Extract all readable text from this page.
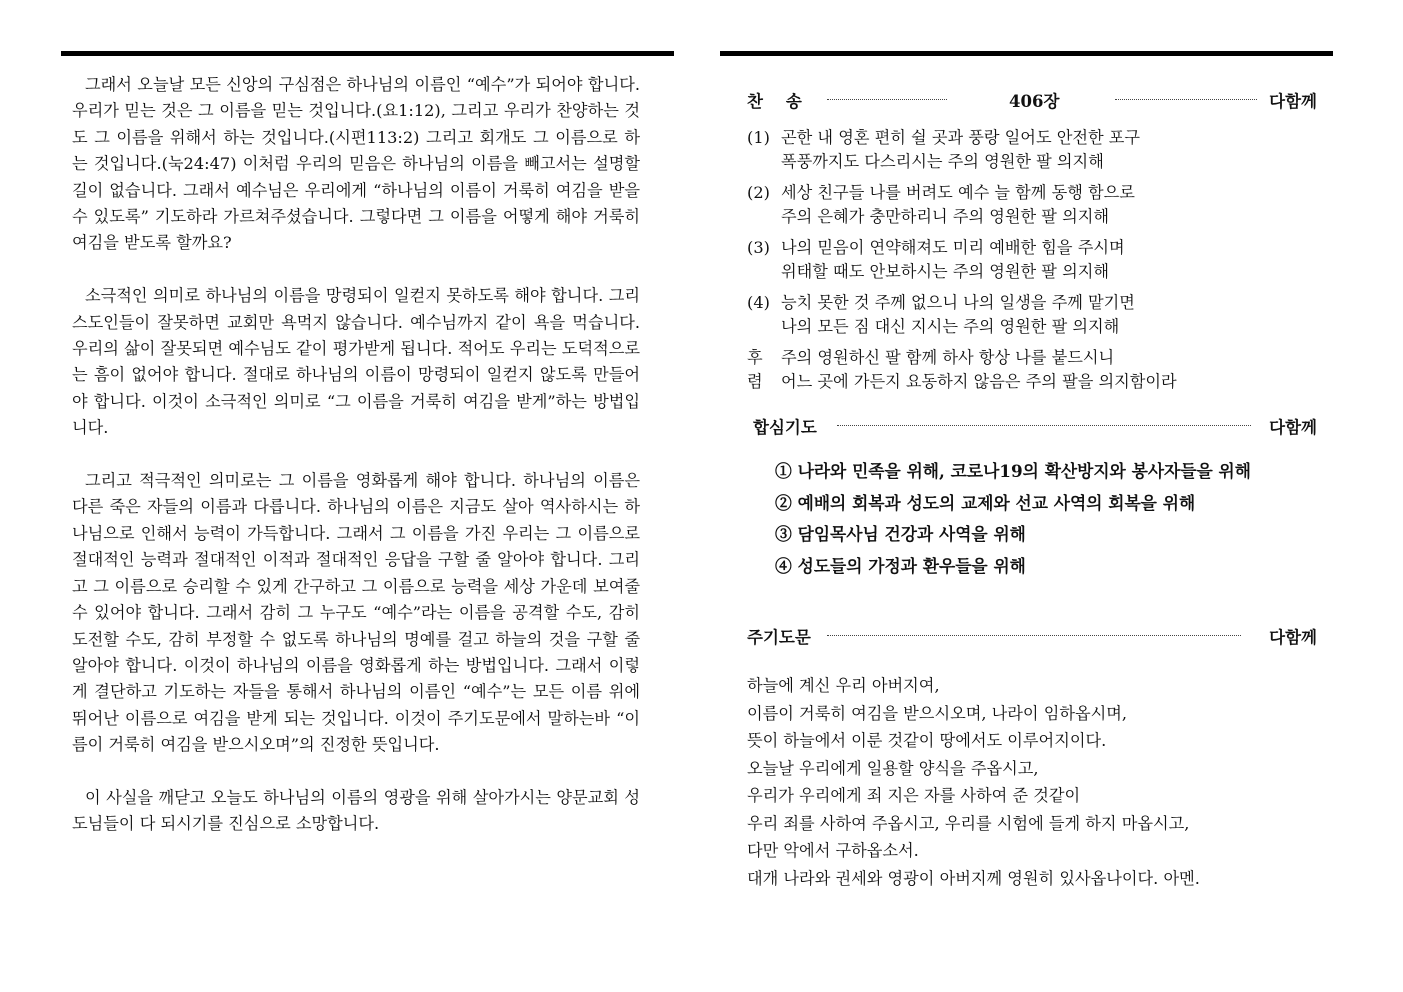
그래서 오늘날 모든 신앙의 구심점은 하나님의 이름인 “예수”가 되어야 합니다. 우리가 믿는 것은 그 이름을 믿는 것입니다.(요1:12), 그리고 우리가 찬양하는 것도 그 이름을 위해서 하는 것입니다.(시편113:2) 그리고 회개도 그 이름으로 하는 것입니다.(눅24:47) 이처럼 우리의 믿음은 하나님의 이름을 빼고서는 설명할 길이 없습니다. 그래서 예수님은 우리에게 “하나님의 이름이 거룩히 여김을 받을 수 있도록” 기도하라 가르쳐주셨습니다. 그렇다면 그 이름을 어떻게 해야 거룩히 여김을 받도록 할까요?

소극적인 의미로 하나님의 이름을 망령되이 일컫지 못하도록 해야 합니다. 그리스도인들이 잘못하면 교회만 욕먹지 않습니다. 예수님까지 같이 욕을 먹습니다. 우리의 삶이 잘못되면 예수님도 같이 평가받게 됩니다. 적어도 우리는 도덕적으로는 흠이 없어야 합니다. 절대로 하나님의 이름이 망령되이 일컫지 않도록 만들어야 합니다. 이것이 소극적인 의미로 “그 이름을 거룩히 여김을 받게”하는 방법입니다.

그리고 적극적인 의미로는 그 이름을 영화롭게 해야 합니다. 하나님의 이름은 다른 죽은 자들의 이름과 다릅니다. 하나님의 이름은 지금도 살아 역사하시는 하나님으로 인해서 능력이 가득합니다. 그래서 그 이름을 가진 우리는 그 이름으로 절대적인 능력과 절대적인 이적과 절대적인 응답을 구할 줄 알아야 합니다. 그리고 그 이름으로 승리할 수 있게 간구하고 그 이름으로 능력을 세상 가운데 보여줄 수 있어야 합니다. 그래서 감히 그 누구도 “예수”라는 이름을 공격할 수도, 감히 도전할 수도, 감히 부정할 수 없도록 하나님의 명예를 걸고 하늘의 것을 구할 줄 알아야 합니다. 이것이 하나님의 이름을 영화롭게 하는 방법입니다. 그래서 이렇게 결단하고 기도하는 자들을 통해서 하나님의 이름인 “예수”는 모든 이름 위에 뛰어난 이름으로 여김을 받게 되는 것입니다. 이것이 주기도문에서 말하는바 “이름이 거룩히 여김을 받으시오며”의 진정한 뜻입니다.

이 사실을 깨닫고 오늘도 하나님의 이름의 영광을 위해 살아가시는 양문교회 성도님들이 다 되시기를 진심으로 소망합니다.

찬    송	406장	다함께
(1) 곤한 내 영혼 편히 쉴 곳과 풍랑 일어도 안전한 포구
폭풍까지도 다스리시는 주의 영원한 팔 의지해
(2) 세상 친구들 나를 버려도 예수 늘 함께 동행 함으로
주의 은혜가 충만하리니 주의 영원한 팔 의지해
(3) 나의 믿음이 연약해져도 미리 예배한 힘을 주시며
위태할 때도 안보하시는 주의 영원한 팔 의지해
(4) 능치 못한 것 주께 없으니 나의 일생을 주께 맡기면
나의 모든 짐 대신 지시는 주의 영원한 팔 의지해
후 주의 영원하신 팔 함께 하사 항상 나를 붙드시니
렴 어느 곳에 가든지 요동하지 않음은 주의 팔을 의지함이라
합심기도	다함께
① 나라와 민족을 위해, 코로나19의 확산방지와 봉사자들을 위해
② 예배의 회복과 성도의 교제와 선교 사역의 회복을 위해
③ 담임목사님 건강과 사역을 위해
④ 성도들의 가정과 환우들을 위해
주기도문	다함께
하늘에 계신 우리 아버지여,
이름이 거룩히 여김을 받으시오며, 나라이 임하옵시며,
뜻이 하늘에서 이룬 것같이 땅에서도 이루어지이다.
오늘날 우리에게 일용할 양식을 주옵시고,
우리가 우리에게 죄 지은 자를 사하여 준 것같이
우리 죄를 사하여 주옵시고, 우리를 시험에 들게 하지 마옵시고,
다만 악에서 구하옵소서.
대개 나라와 권세와 영광이 아버지께 영원히 있사옵나이다. 아멘.
